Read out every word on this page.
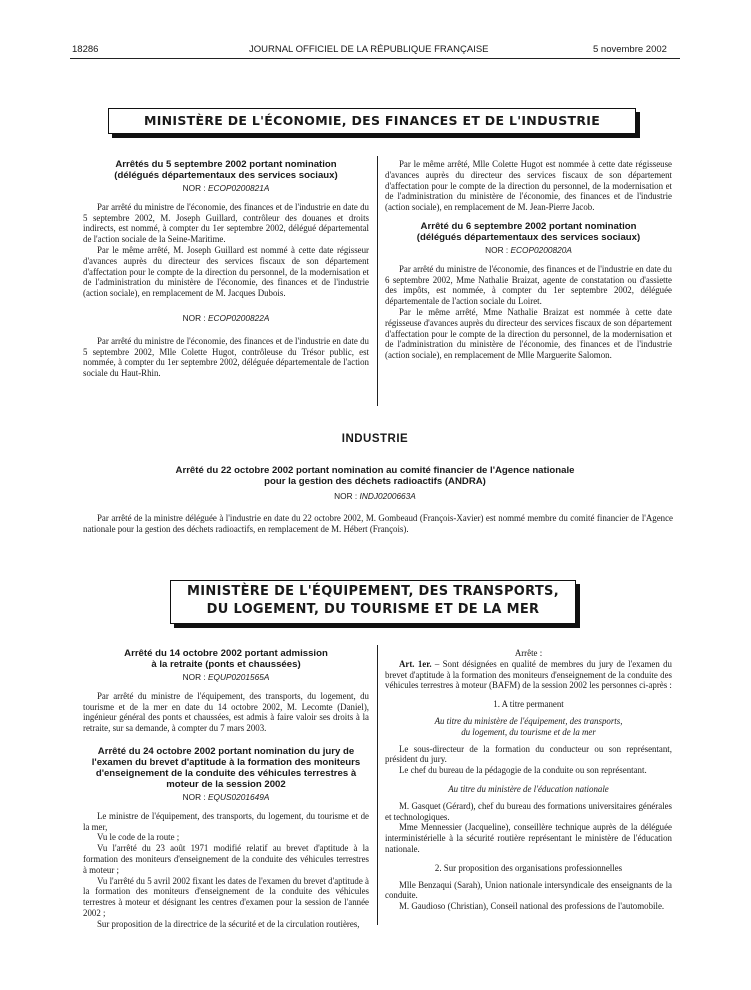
18286	JOURNAL OFFICIEL DE LA RÉPUBLIQUE FRANÇAISE	5 novembre 2002
MINISTÈRE DE L'ÉCONOMIE, DES FINANCES ET DE L'INDUSTRIE
Arrêtés du 5 septembre 2002 portant nomination (délégués départementaux des services sociaux)
NOR : ECOP0200821A

Par arrêté du ministre de l'économie, des finances et de l'industrie en date du 5 septembre 2002, M. Joseph Guillard, contrôleur des douanes et droits indirects, est nommé, à compter du 1er septembre 2002, délégué départemental de l'action sociale de la Seine-Maritime.

Par le même arrêté, M. Joseph Guillard est nommé à cette date régisseur d'avances auprès du directeur des services fiscaux de son département d'affectation pour le compte de la direction du personnel, de la modernisation et de l'administration du ministère de l'économie, des finances et de l'industrie (action sociale), en remplacement de M. Jacques Dubois.

NOR : ECOP0200822A

Par arrêté du ministre de l'économie, des finances et de l'industrie en date du 5 septembre 2002, Mlle Colette Hugot, contrôleuse du Trésor public, est nommée, à compter du 1er septembre 2002, déléguée départementale de l'action sociale du Haut-Rhin.

Par le même arrêté, Mlle Colette Hugot est nommée à cette date régisseuse d'avances auprès du directeur des services fiscaux de son département d'affectation pour le compte de la direction du personnel, de la modernisation et de l'administration du ministère de l'économie, des finances et de l'industrie (action sociale), en remplacement de M. Jean-Pierre Jacob.

Arrêté du 6 septembre 2002 portant nomination (délégués départementaux des services sociaux)
NOR : ECOP0200820A

Par arrêté du ministre de l'économie, des finances et de l'industrie en date du 6 septembre 2002, Mme Nathalie Braizat, agente de constatation ou d'assiette des impôts, est nommée, à compter du 1er septembre 2002, déléguée départementale de l'action sociale du Loiret.

Par le même arrêté, Mme Nathalie Braizat est nommée à cette date régisseuse d'avances auprès du directeur des services fiscaux de son département d'affectation pour le compte de la direction du personnel, de la modernisation et de l'administration du ministère de l'économie, des finances et de l'industrie (action sociale), en remplacement de Mlle Marguerite Salomon.

INDUSTRIE
Arrêté du 22 octobre 2002 portant nomination au comité financier de l'Agence nationale
pour la gestion des déchets radioactifs (ANDRA)
NOR : INDJ0200663A

Par arrêté de la ministre déléguée à l'industrie en date du 22 octobre 2002, M. Gombeaud (François-Xavier) est nommé membre du comité financier de l'Agence nationale pour la gestion des déchets radioactifs, en remplacement de M. Hébert (François).

MINISTÈRE DE L'ÉQUIPEMENT, DES TRANSPORTS,
DU LOGEMENT, DU TOURISME ET DE LA MER
Arrêté du 14 octobre 2002 portant admission à la retraite (ponts et chaussées)
NOR : EQUP0201565A

Par arrêté du ministre de l'équipement, des transports, du logement, du tourisme et de la mer en date du 14 octobre 2002, M. Lecomte (Daniel), ingénieur général des ponts et chaussées, est admis à faire valoir ses droits à la retraite, sur sa demande, à compter du 7 mars 2003.

Arrêté du 24 octobre 2002 portant nomination du jury de l'examen du brevet d'aptitude à la formation des moniteurs d'enseignement de la conduite des véhicules terrestres à moteur de la session 2002
NOR : EQUS0201649A

Le ministre de l'équipement, des transports, du logement, du tourisme et de la mer,

Vu le code de la route ;

Vu l'arrêté du 23 août 1971 modifié relatif au brevet d'aptitude à la formation des moniteurs d'enseignement de la conduite des véhicules terrestres à moteur ;

Vu l'arrêté du 5 avril 2002 fixant les dates de l'examen du brevet d'aptitude à la formation des moniteurs d'enseignement de la conduite des véhicules terrestres à moteur et désignant les centres d'examen pour la session de l'année 2002 ;

Sur proposition de la directrice de la sécurité et de la circulation routières,

Arrête :

Art. 1er. – Sont désignées en qualité de membres du jury de l'examen du brevet d'aptitude à la formation des moniteurs d'enseignement de la conduite des véhicules terrestres à moteur (BAFM) de la session 2002 les personnes ci-après :

1. A titre permanent

Au titre du ministère de l'équipement, des transports,

du logement, du tourisme et de la mer

Le sous-directeur de la formation du conducteur ou son représentant, président du jury.

Le chef du bureau de la pédagogie de la conduite ou son représentant.

Au titre du ministère de l'éducation nationale

M. Gasquet (Gérard), chef du bureau des formations universitaires générales et technologiques.

Mme Mennessier (Jacqueline), conseillère technique auprès de la déléguée interministérielle à la sécurité routière représentant le ministère de l'éducation nationale.

2. Sur proposition des organisations professionnelles

Mlle Benzaqui (Sarah), Union nationale intersyndicale des enseignants de la conduite.

M. Gaudioso (Christian), Conseil national des professions de l'automobile.
